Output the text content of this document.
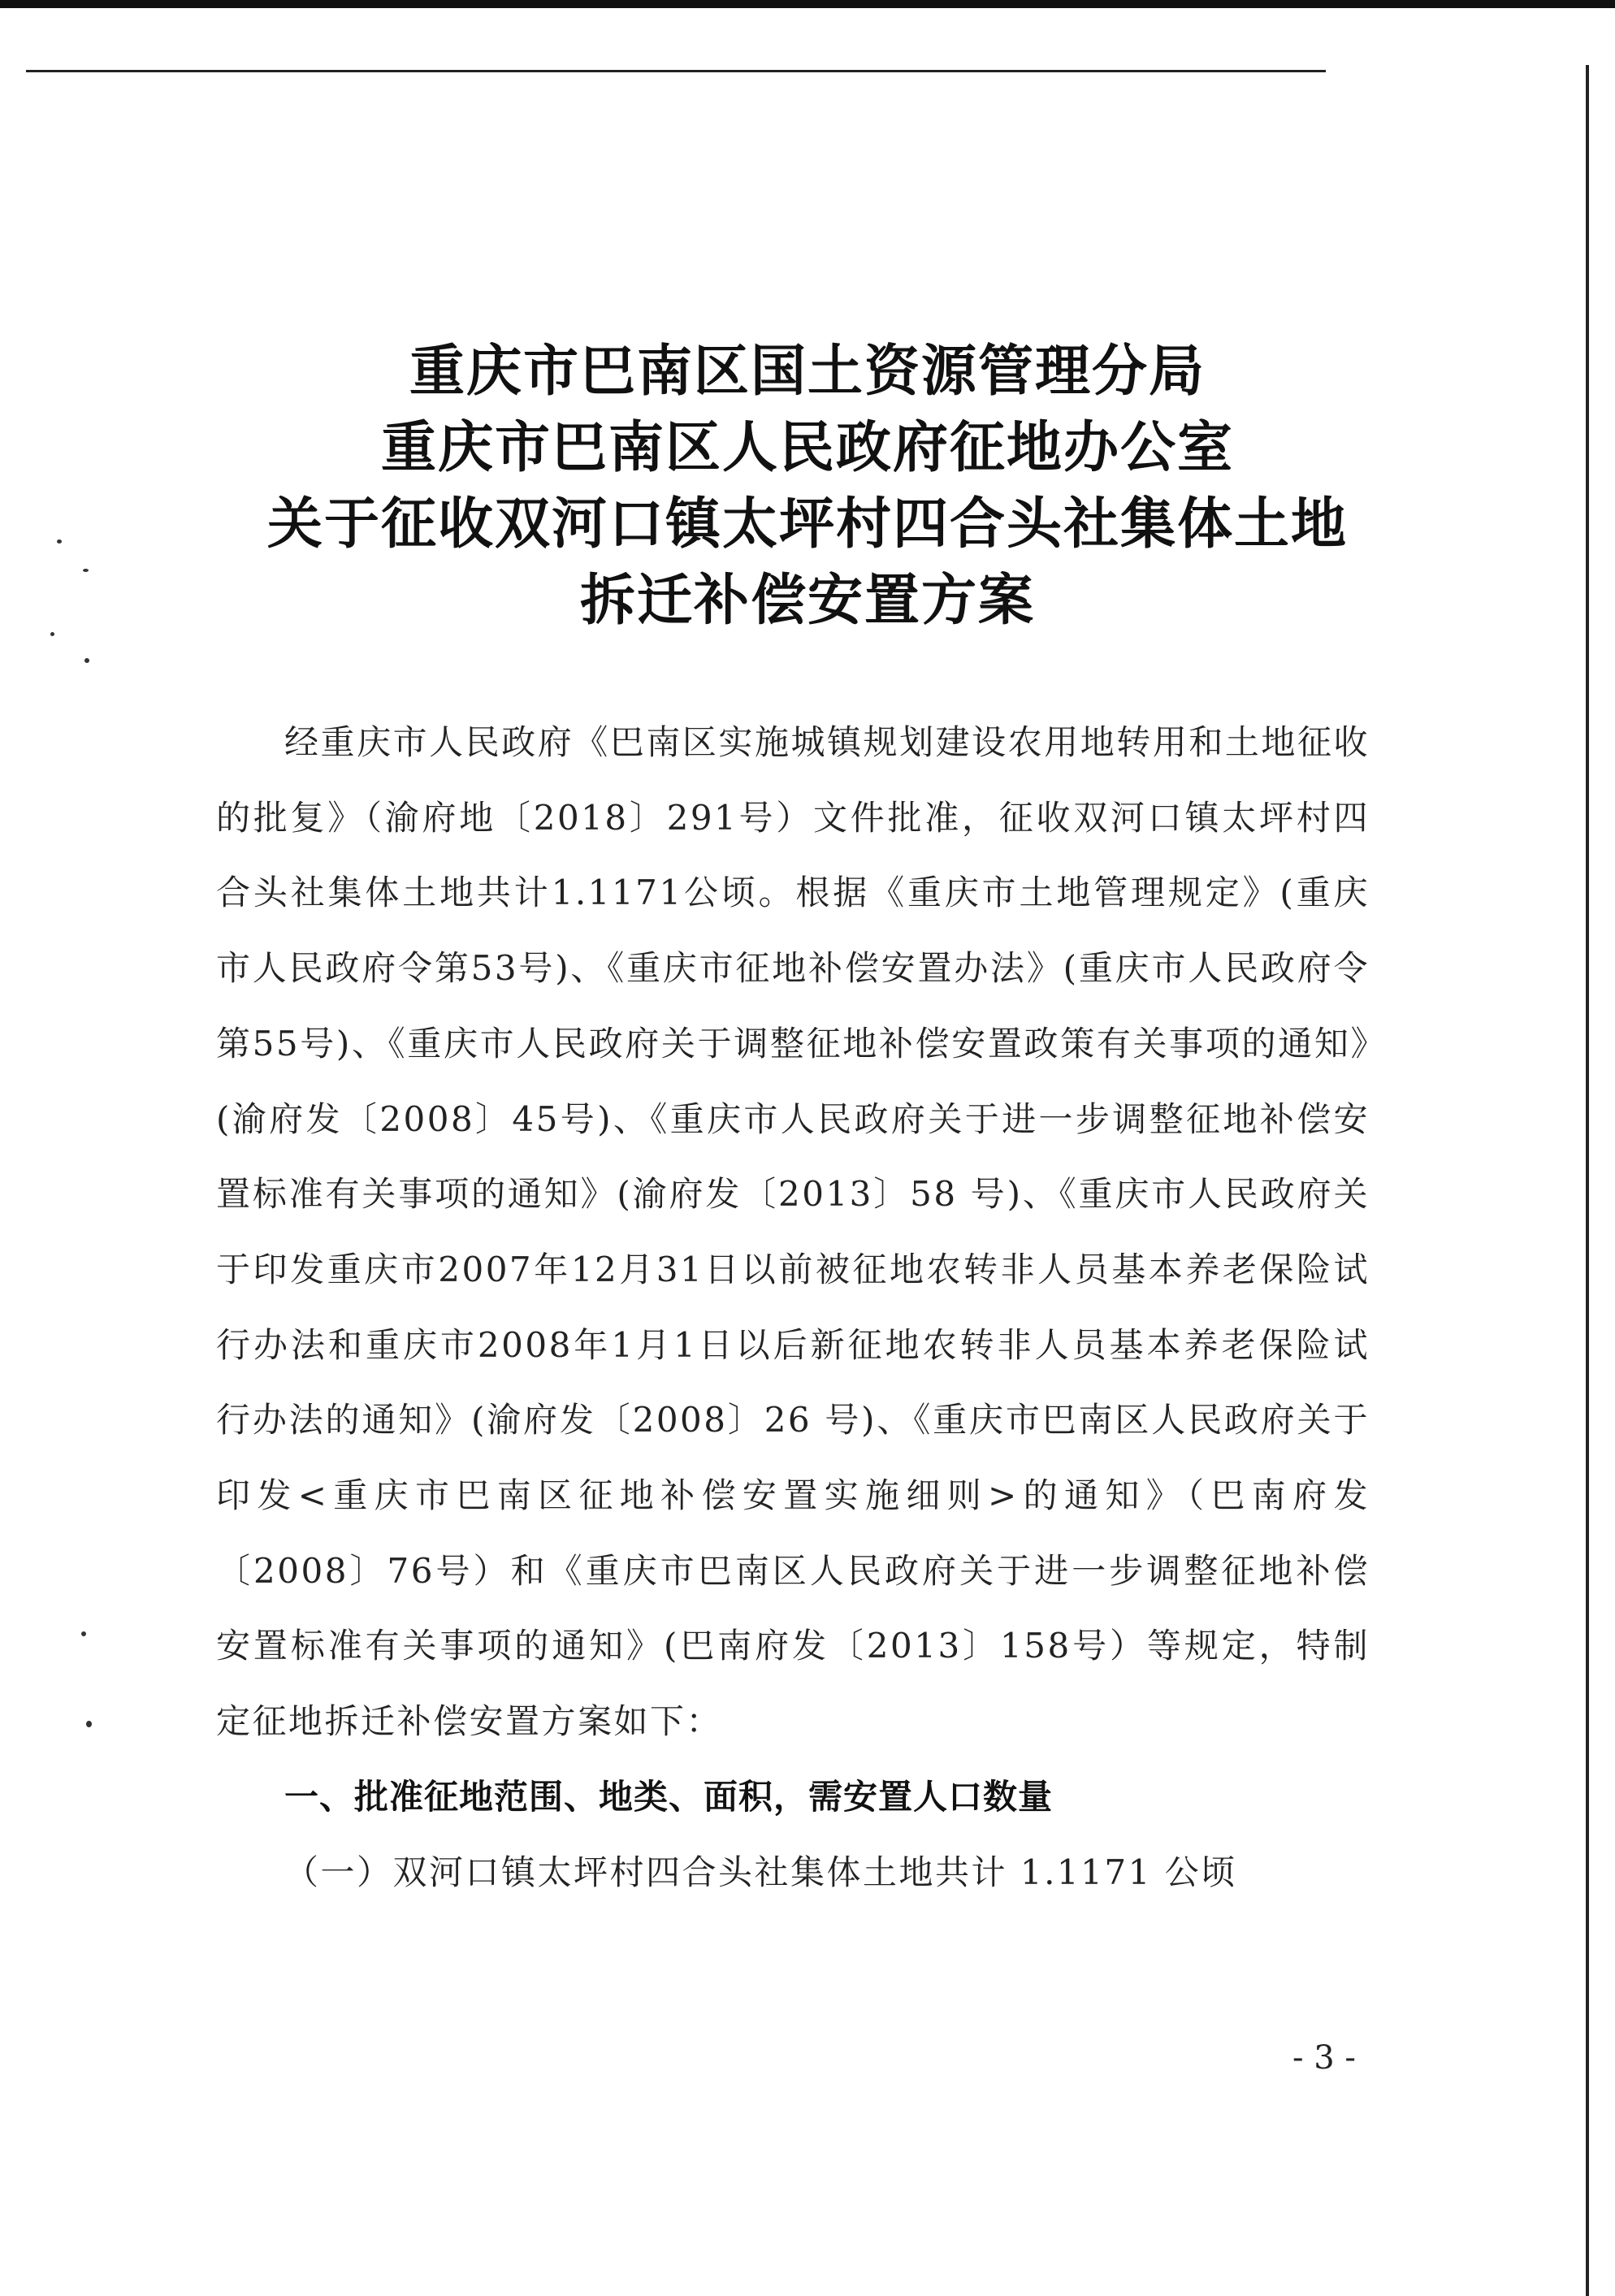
重庆市巴南区国土资源管理分局
重庆市巴南区人民政府征地办公室
关于征收双河口镇太坪村四合头社集体土地
拆迁补偿安置方案

经重庆市人民政府《巴南区实施城镇规划建设农用地转用和土地征收的批复》（渝府地〔2018〕291号）文件批准，征收双河口镇太坪村四合头社集体土地共计1.1171公顷。根据《重庆市土地管理规定》(重庆市人民政府令第53号)、《重庆市征地补偿安置办法》(重庆市人民政府令第55号)、《重庆市人民政府关于调整征地补偿安置政策有关事项的通知》(渝府发〔2008〕45号)、《重庆市人民政府关于进一步调整征地补偿安置标准有关事项的通知》(渝府发〔2013〕58 号)、《重庆市人民政府关于印发重庆市2007年12月31日以前被征地农转非人员基本养老保险试行办法和重庆市2008年1月1日以后新征地农转非人员基本养老保险试行办法的通知》(渝府发〔2008〕26 号)、《重庆市巴南区人民政府关于印发<重庆市巴南区征地补偿安置实施细则>的通知》（巴南府发〔2008〕76号）和《重庆市巴南区人民政府关于进一步调整征地补偿安置标准有关事项的通知》(巴南府发〔2013〕158号）等规定，特制定征地拆迁补偿安置方案如下：

一、批准征地范围、地类、面积，需安置人口数量

（一）双河口镇太坪村四合头社集体土地共计 1.1171 公顷

- 3 -
